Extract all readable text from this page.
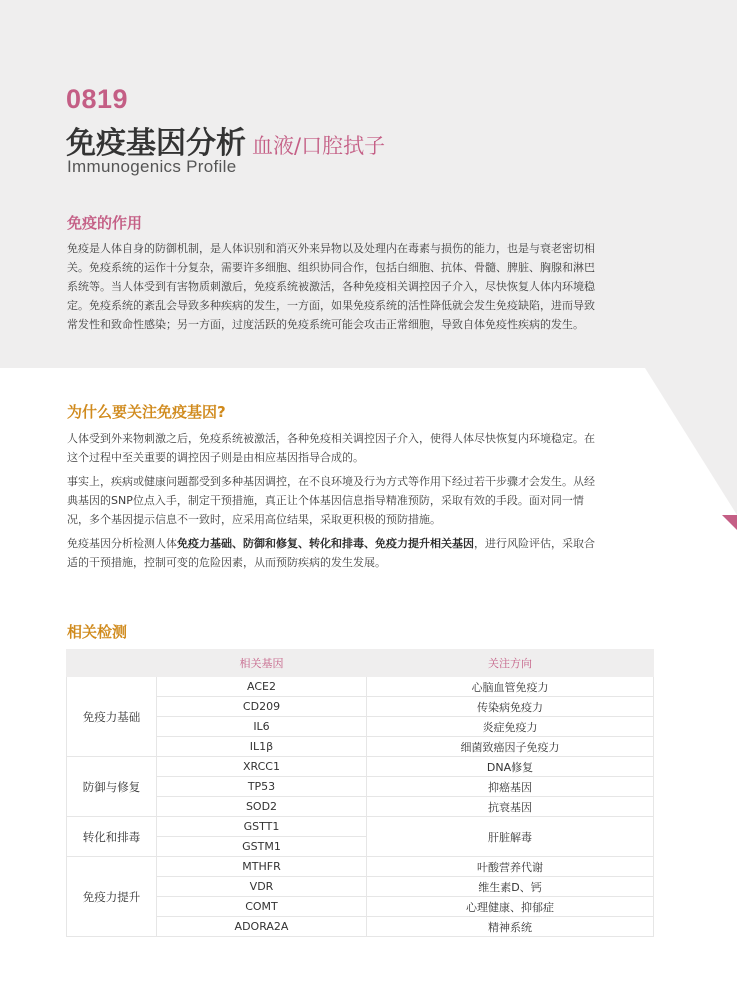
0819
免疫基因分析 血液/口腔拭子
Immunogenics Profile
免疫的作用

免疫是人体自身的防御机制，是人体识别和消灭外来异物以及处理内在毒素与损伤的能力，也是与衰老密切相
关。免疫系统的运作十分复杂，需要许多细胞、组织协同合作，包括白细胞、抗体、骨髓、脾脏、胸腺和淋巴
系统等。当人体受到有害物质刺激后，免疫系统被激活，各种免疫相关调控因子介入，尽快恢复人体内环境稳
定。免疫系统的紊乱会导致多种疾病的发生，一方面，如果免疫系统的活性降低就会发生免疫缺陷，进而导致
常发性和致命性感染；另一方面，过度活跃的免疫系统可能会攻击正常细胞，导致自体免疫性疾病的发生。

为什么要关注免疫基因?

人体受到外来物刺激之后，免疫系统被激活，各种免疫相关调控因子介入，使得人体尽快恢复内环境稳定。在
这个过程中至关重要的调控因子则是由相应基因指导合成的。

事实上，疾病或健康问题都受到多种基因调控，在不良环境及行为方式等作用下经过若干步骤才会发生。从经
典基因的SNP位点入手，制定干预措施，真正让个体基因信息指导精准预防，采取有效的手段。面对同一情
况，多个基因提示信息不一致时，应采用高位结果，采取更积极的预防措施。

免疫基因分析检测人体免疫力基础、防御和修复、转化和排毒、免疫力提升相关基因，进行风险评估，采取合
适的干预措施，控制可变的危险因素，从而预防疾病的发生发展。

相关检测
	相关基因	关注方向
免疫力基础	ACE2	心脑血管免疫力
	CD209	传染病免疫力
	IL6	炎症免疫力
	IL1β	细菌致癌因子免疫力
防御与修复	XRCC1	DNA修复
	TP53	抑癌基因
	SOD2	抗衰基因
转化和排毒	GSTT1	肝脏解毒
	GSTM1	
免疫力提升	MTHFR	叶酸营养代谢
	VDR	维生素D、钙
	COMT	心理健康、抑郁症
	ADORA2A	精神系统
